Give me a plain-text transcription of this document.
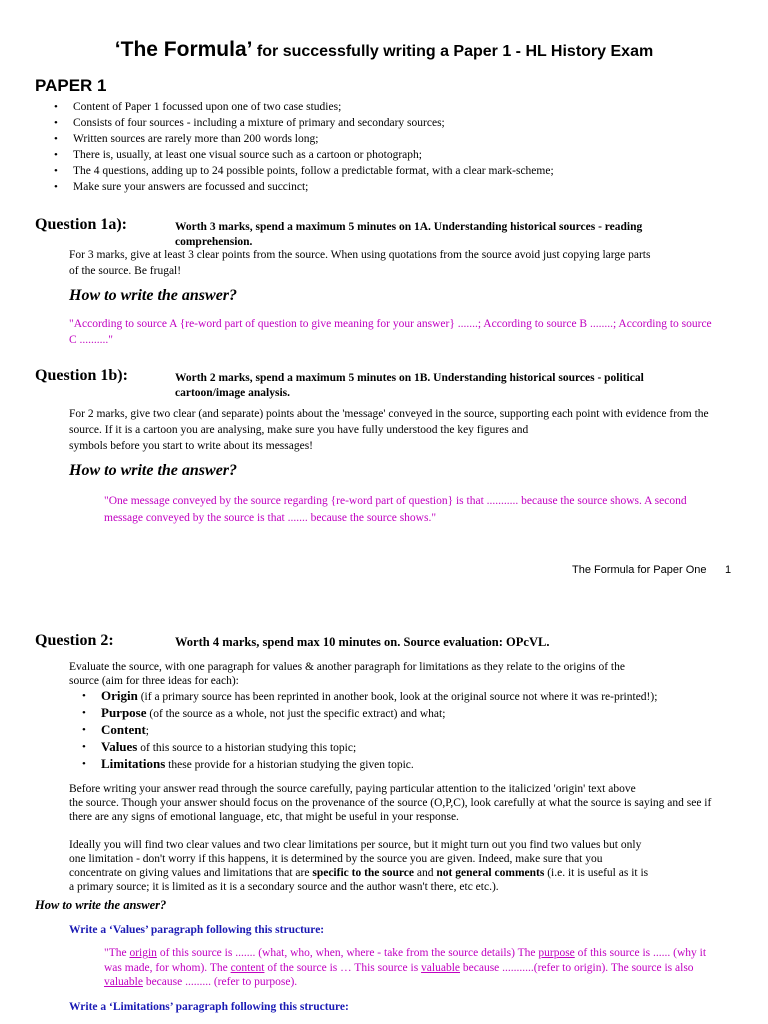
‘The Formula’ for successfully writing a Paper 1 - HL History Exam
PAPER 1
• Content of Paper 1 focussed upon one of two case studies;
• Consists of four sources - including a mixture of primary and secondary sources;
• Written sources are rarely more than 200 words long;
• There is, usually, at least one visual source such as a cartoon or photograph;
• The 4 questions, adding up to 24 possible points, follow a predictable format, with a clear mark-scheme;
• Make sure your answers are focussed and succinct;
Question 1a):	Worth 3 marks, spend a maximum 5 minutes on 1A. Understanding historical sources - reading
comprehension.
For 3 marks, give at least 3 clear points from the source. When using quotations from the source avoid just copying large parts
of the source. Be frugal!
How to write the answer?
"According to source A {re-word part of question to give meaning for your answer} .......; According to source B ........; According to source
C .........."
Question 1b):	Worth 2 marks, spend a maximum 5 minutes on 1B. Understanding historical sources - political
cartoon/image analysis.
For 2 marks, give two clear (and separate) points about the 'message' conveyed in the source, supporting each point with evidence from the
source. If it is a cartoon you are analysing, make sure you have fully understood the key figures and
symbols before you start to write about its messages!
How to write the answer?
"One message conveyed by the source regarding {re-word part of question} is that ........... because the source shows. A second
message conveyed by the source is that ....... because the source shows."
The Formula for Paper One 1
Question 2:	Worth 4 marks, spend max 10 minutes on. Source evaluation: OPcVL.
Evaluate the source, with one paragraph for values & another paragraph for limitations as they relate to the origins of the
source (aim for three ideas for each):
• Origin (if a primary source has been reprinted in another book, look at the original source not where it was re-printed!);
• Purpose (of the source as a whole, not just the specific extract) and what;
• Content;
• Values of this source to a historian studying this topic;
• Limitations these provide for a historian studying the given topic.
Before writing your answer read through the source carefully, paying particular attention to the italicized 'origin' text above
the source. Though your answer should focus on the provenance of the source (O,P,C), look carefully at what the source is saying and see if
there are any signs of emotional language, etc, that might be useful in your response.
Ideally you will find two clear values and two clear limitations per source, but it might turn out you find two values but only
one limitation - don't worry if this happens, it is determined by the source you are given. Indeed, make sure that you
concentrate on giving values and limitations that are specific to the source and not general comments (i.e. it is useful as it is
a primary source; it is limited as it is a secondary source and the author wasn't there, etc etc.).
How to write the answer?
Write a ‘Values’ paragraph following this structure:
"The origin of this source is ....... (what, who, when, where - take from the source details) The purpose of this source is ...... (why it
was made, for whom). The content of the source is … This source is valuable because ...........(refer to origin). The source is also
valuable because ......... (refer to purpose).
Write a ‘Limitations’ paragraph following this structure:
